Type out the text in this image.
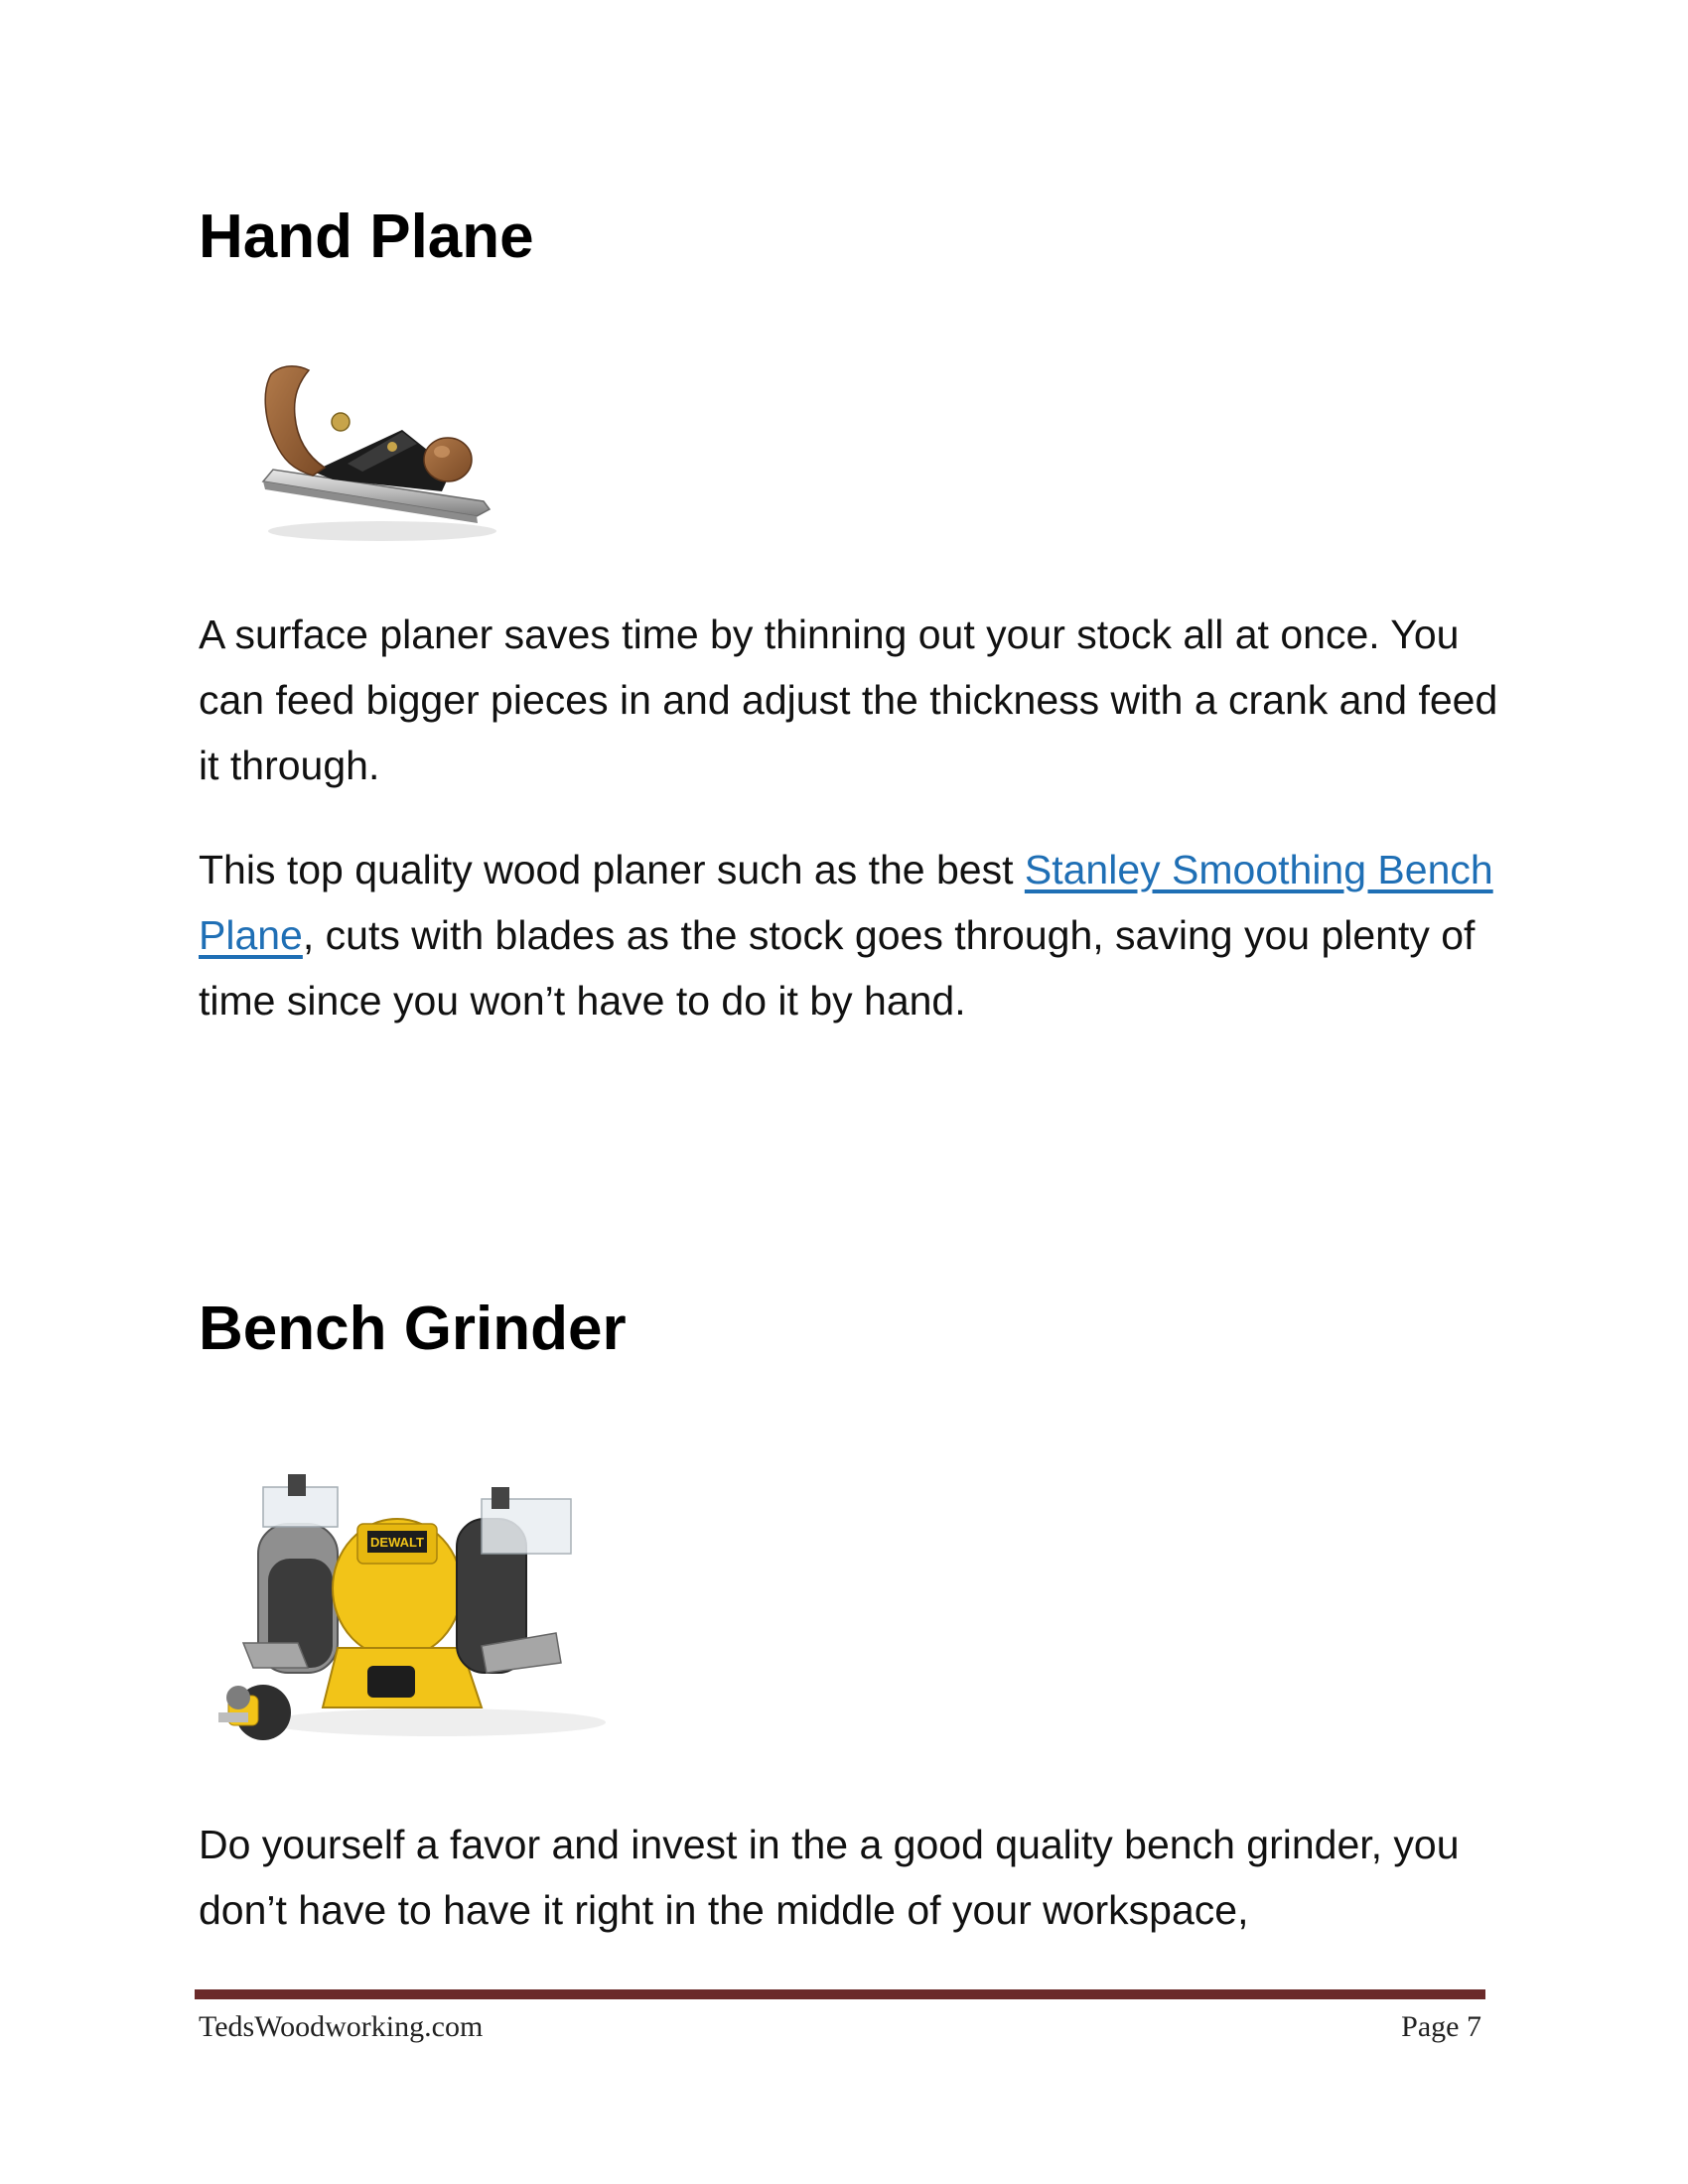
Hand Plane

A surface planer saves time by thinning out your stock all at once. You can feed bigger pieces in and adjust the thickness with a crank and feed it through.

This top quality wood planer such as the best Stanley Smoothing Bench Plane, cuts with blades as the stock goes through, saving you plenty of time since you won’t have to do it by hand.

Bench Grinder
DEWALT

Do yourself a favor and invest in the a good quality bench grinder, you don’t have to have it right in the middle of your workspace,

TedsWoodworking.com	Page 7
